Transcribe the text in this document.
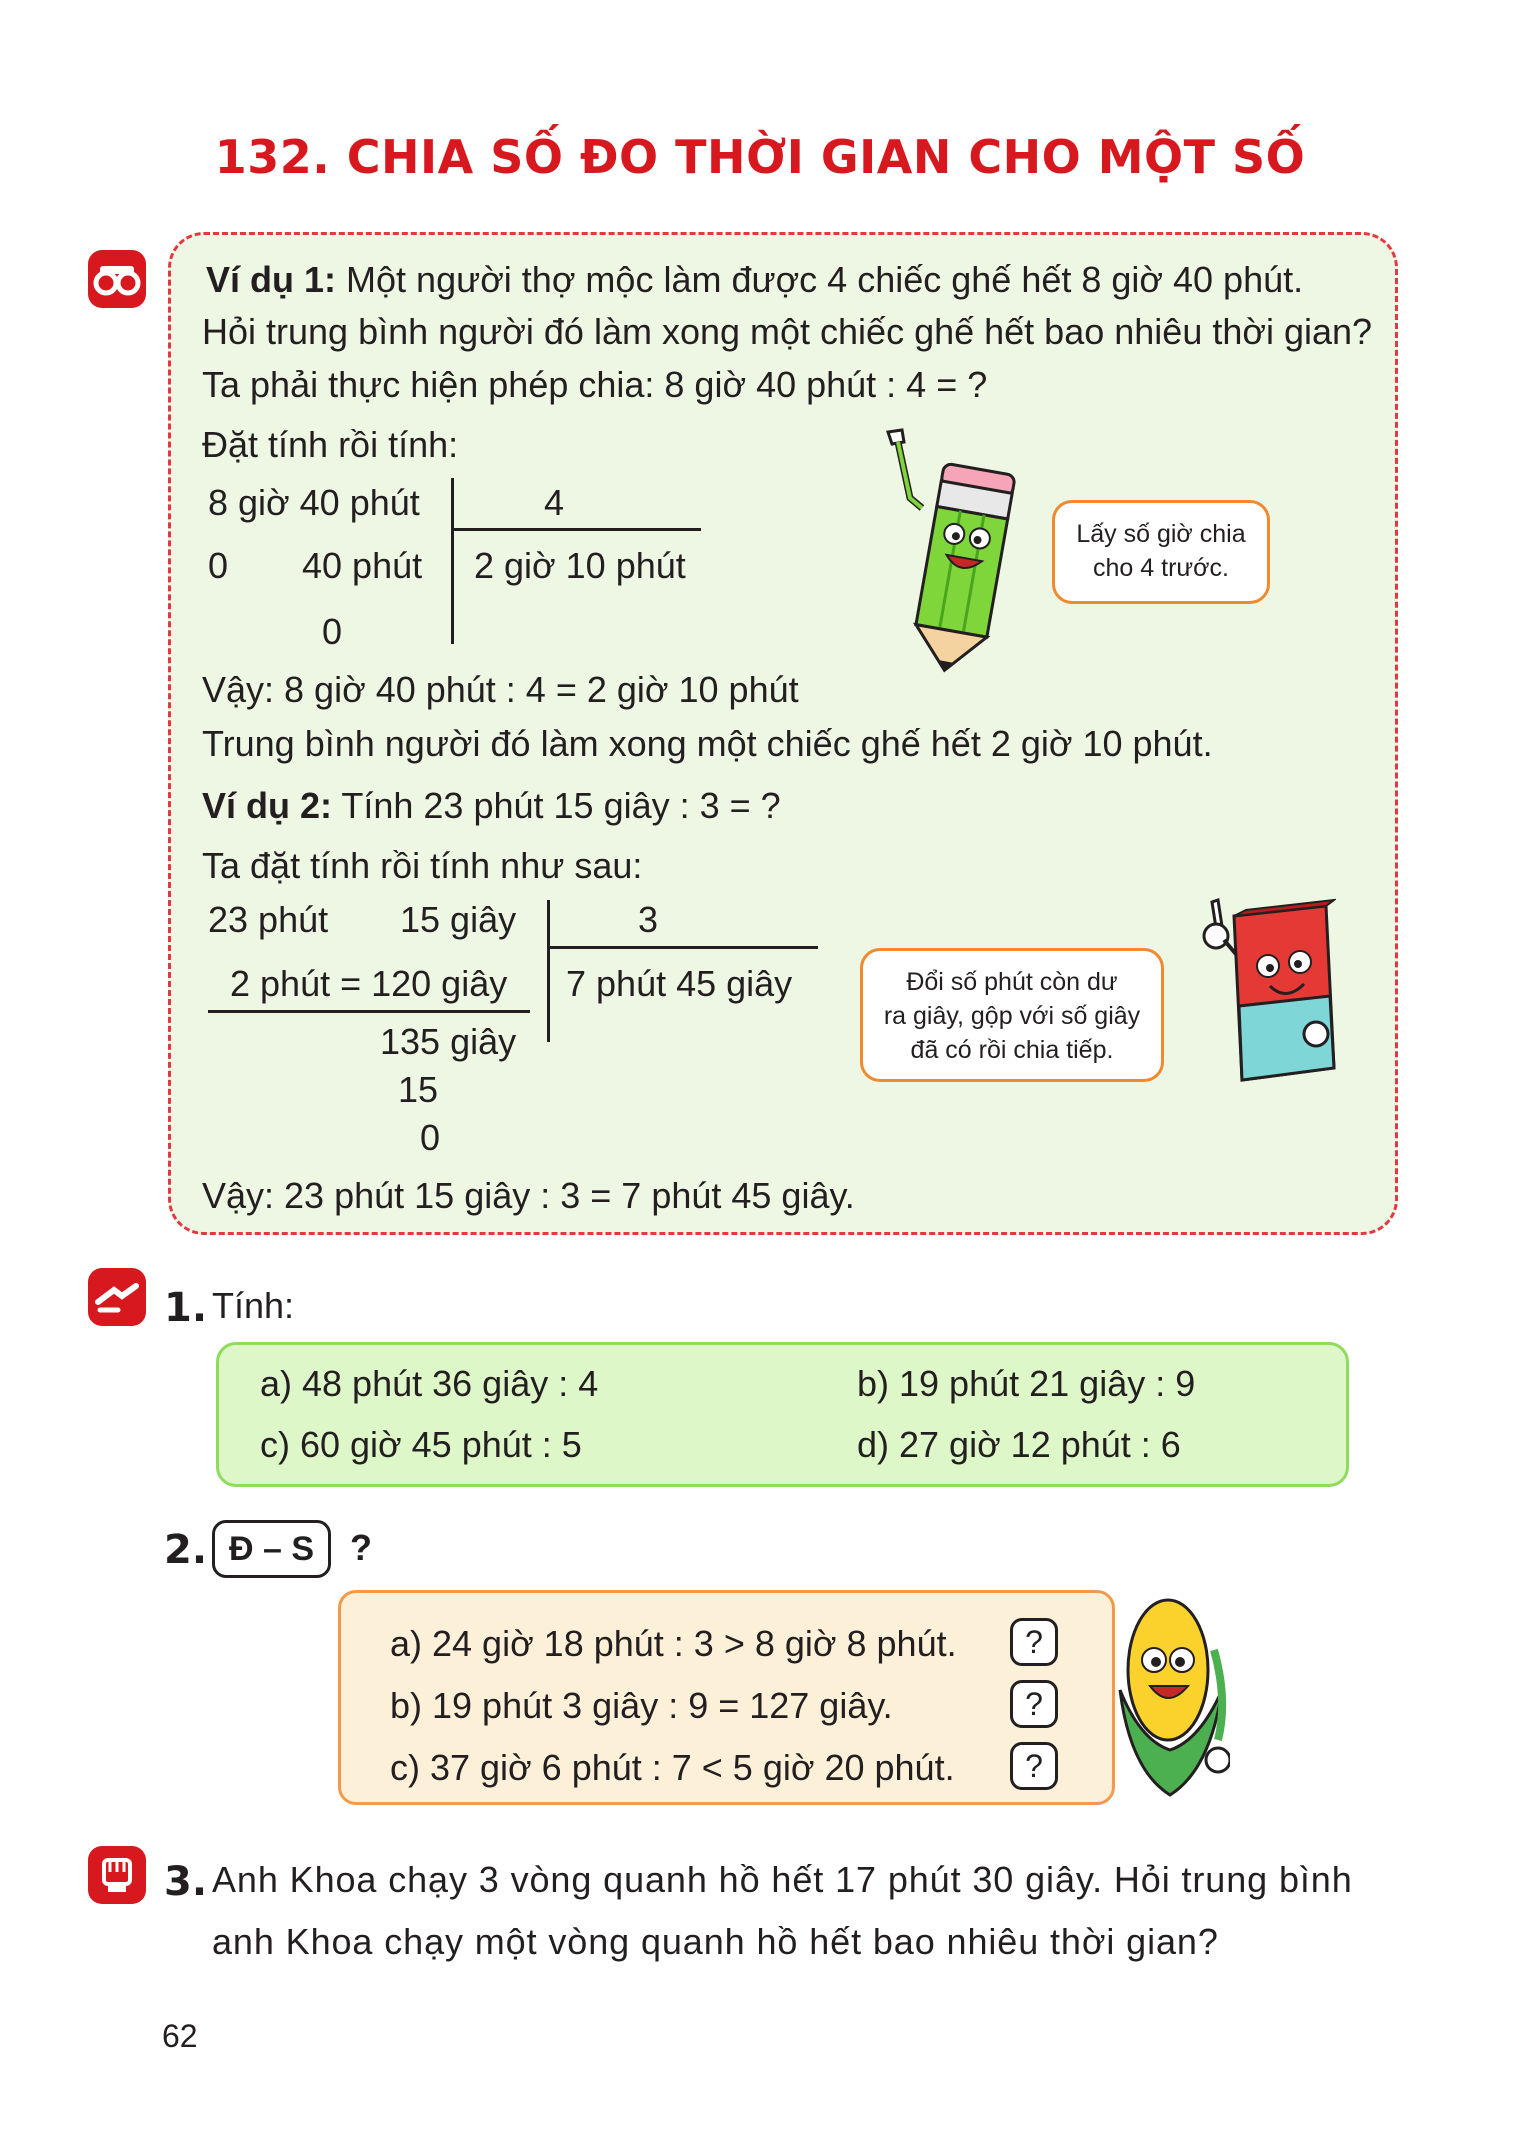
132. CHIA SỐ ĐO THỜI GIAN CHO MỘT SỐ
Ví dụ 1: Một người thợ mộc làm được 4 chiếc ghế hết 8 giờ 40 phút.
Hỏi trung bình người đó làm xong một chiếc ghế hết bao nhiêu thời gian?
Ta phải thực hiện phép chia: 8 giờ 40 phút : 4 = ?
Đặt tính rồi tính:
8 giờ 40 phút	4
0 40 phút 2 giờ 10 phút
0
Vậy: 8 giờ 40 phút : 4 = 2 giờ 10 phút
Trung bình người đó làm xong một chiếc ghế hết 2 giờ 10 phút.
Lấy số giờ chia
cho 4 trước.
Ví dụ 2: Tính 23 phút 15 giây : 3 = ?
Ta đặt tính rồi tính như sau:
23 phút 15 giây	3
2 phút = 120 giây 7 phút 45 giây
135 giây
15
0
Vậy: 23 phút 15 giây : 3 = 7 phút 45 giây.
Đổi số phút còn dư
ra giây, gộp với số giây
đã có rồi chia tiếp.
1. Tính:
a) 48 phút 36 giây : 4	b) 19 phút 21 giây : 9
c) 60 giờ 45 phút : 5	d) 27 giờ 12 phút : 6
2. Đ – S ?
a) 24 giờ 18 phút : 3 > 8 giờ 8 phút.
b) 19 phút 3 giây : 9 = 127 giây.
c) 37 giờ 6 phút : 7 < 5 giờ 20 phút.
?
?
?
3. Anh Khoa chạy 3 vòng quanh hồ hết 17 phút 30 giây. Hỏi trung bình
anh Khoa chạy một vòng quanh hồ hết bao nhiêu thời gian?
62
